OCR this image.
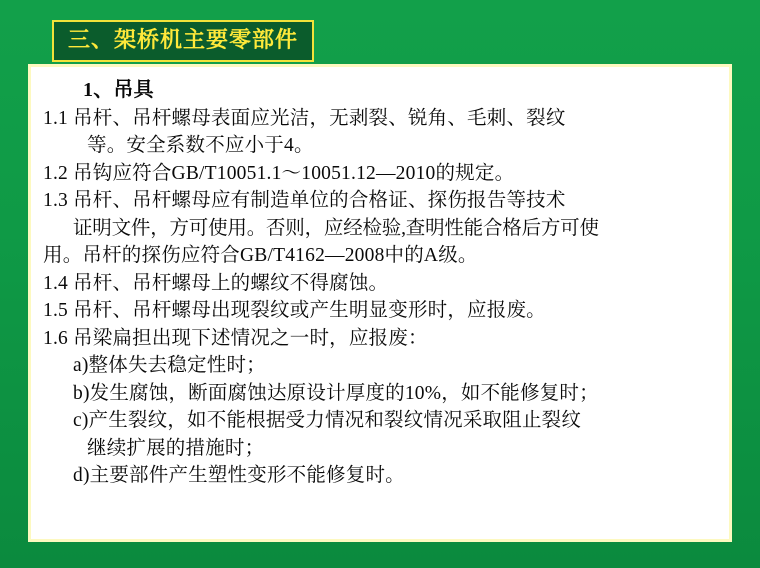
三、架桥机主要零部件
1、吊具
1.1 吊杆、吊杆螺母表面应光洁，无剥裂、锐角、毛刺、裂纹
等。安全系数不应小于4。
1.2 吊钩应符合GB/T10051.1～10051.12—2010的规定。
1.3 吊杆、吊杆螺母应有制造单位的合格证、探伤报告等技术
证明文件，方可使用。否则，应经检验,查明性能合格后方可使
用。吊杆的探伤应符合GB/T4162—2008中的A级。
1.4 吊杆、吊杆螺母上的螺纹不得腐蚀。
1.5 吊杆、吊杆螺母出现裂纹或产生明显变形时，应报废。
1.6 吊梁扁担出现下述情况之一时，应报废：
a)整体失去稳定性时；
b)发生腐蚀，断面腐蚀达原设计厚度的10%，如不能修复时；
c)产生裂纹，如不能根据受力情况和裂纹情况采取阻止裂纹
继续扩展的措施时；
d)主要部件产生塑性变形不能修复时。
